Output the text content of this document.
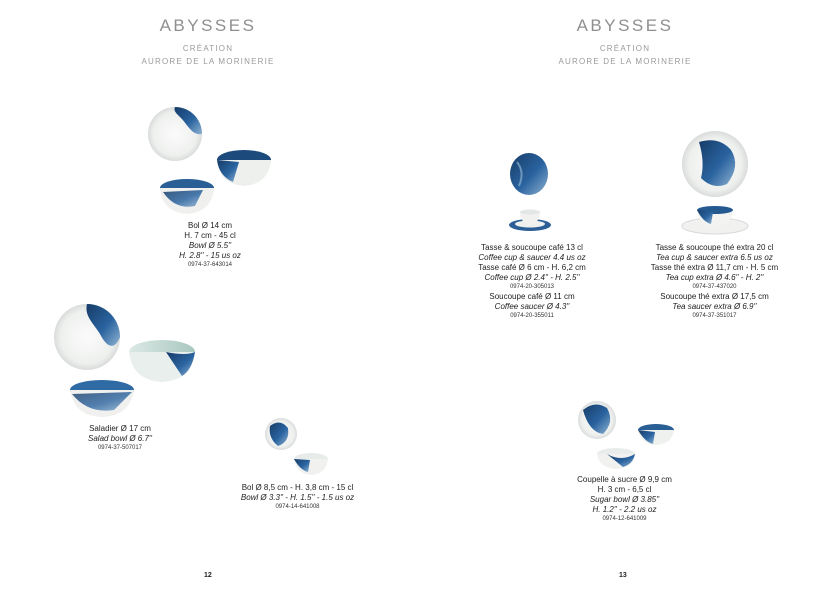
ABYSSES
CRÉATION
AURORE DE LA MORINERIE
Bol Ø 14 cm
H. 7 cm - 45 cl
Bowl Ø 5.5''
H. 2.8'' - 15 us oz
0974-37-643014
Saladier Ø 17 cm
Salad bowl Ø 6.7''
0974-37-507017
Bol Ø 8,5 cm - H. 3,8 cm - 15 cl
Bowl Ø 3.3'' - H. 1.5'' - 1.5 us oz
0974-14-641008
12
ABYSSES
CRÉATION
AURORE DE LA MORINERIE
Tasse & soucoupe café 13 cl
Coffee cup & saucer 4.4 us oz
Tasse café Ø 6 cm - H. 6,2 cm
Coffee cup Ø 2.4'' - H. 2.5''
0974-20-305013
Soucoupe café Ø 11 cm
Coffee saucer Ø 4.3''
0974-20-355011
Tasse & soucoupe thé extra 20 cl
Tea cup & saucer extra 6.5 us oz
Tasse thé extra Ø 11,7 cm - H. 5 cm
Tea cup extra Ø 4.6'' - H. 2''
0974-37-437020
Soucoupe thé extra Ø 17,5 cm
Tea saucer extra Ø 6.9''
0974-37-351017
Coupelle à sucre Ø 9,9 cm
H. 3 cm - 6,5 cl
Sugar bowl Ø 3.85''
H. 1.2'' - 2.2 us oz
0974-12-641009
13
